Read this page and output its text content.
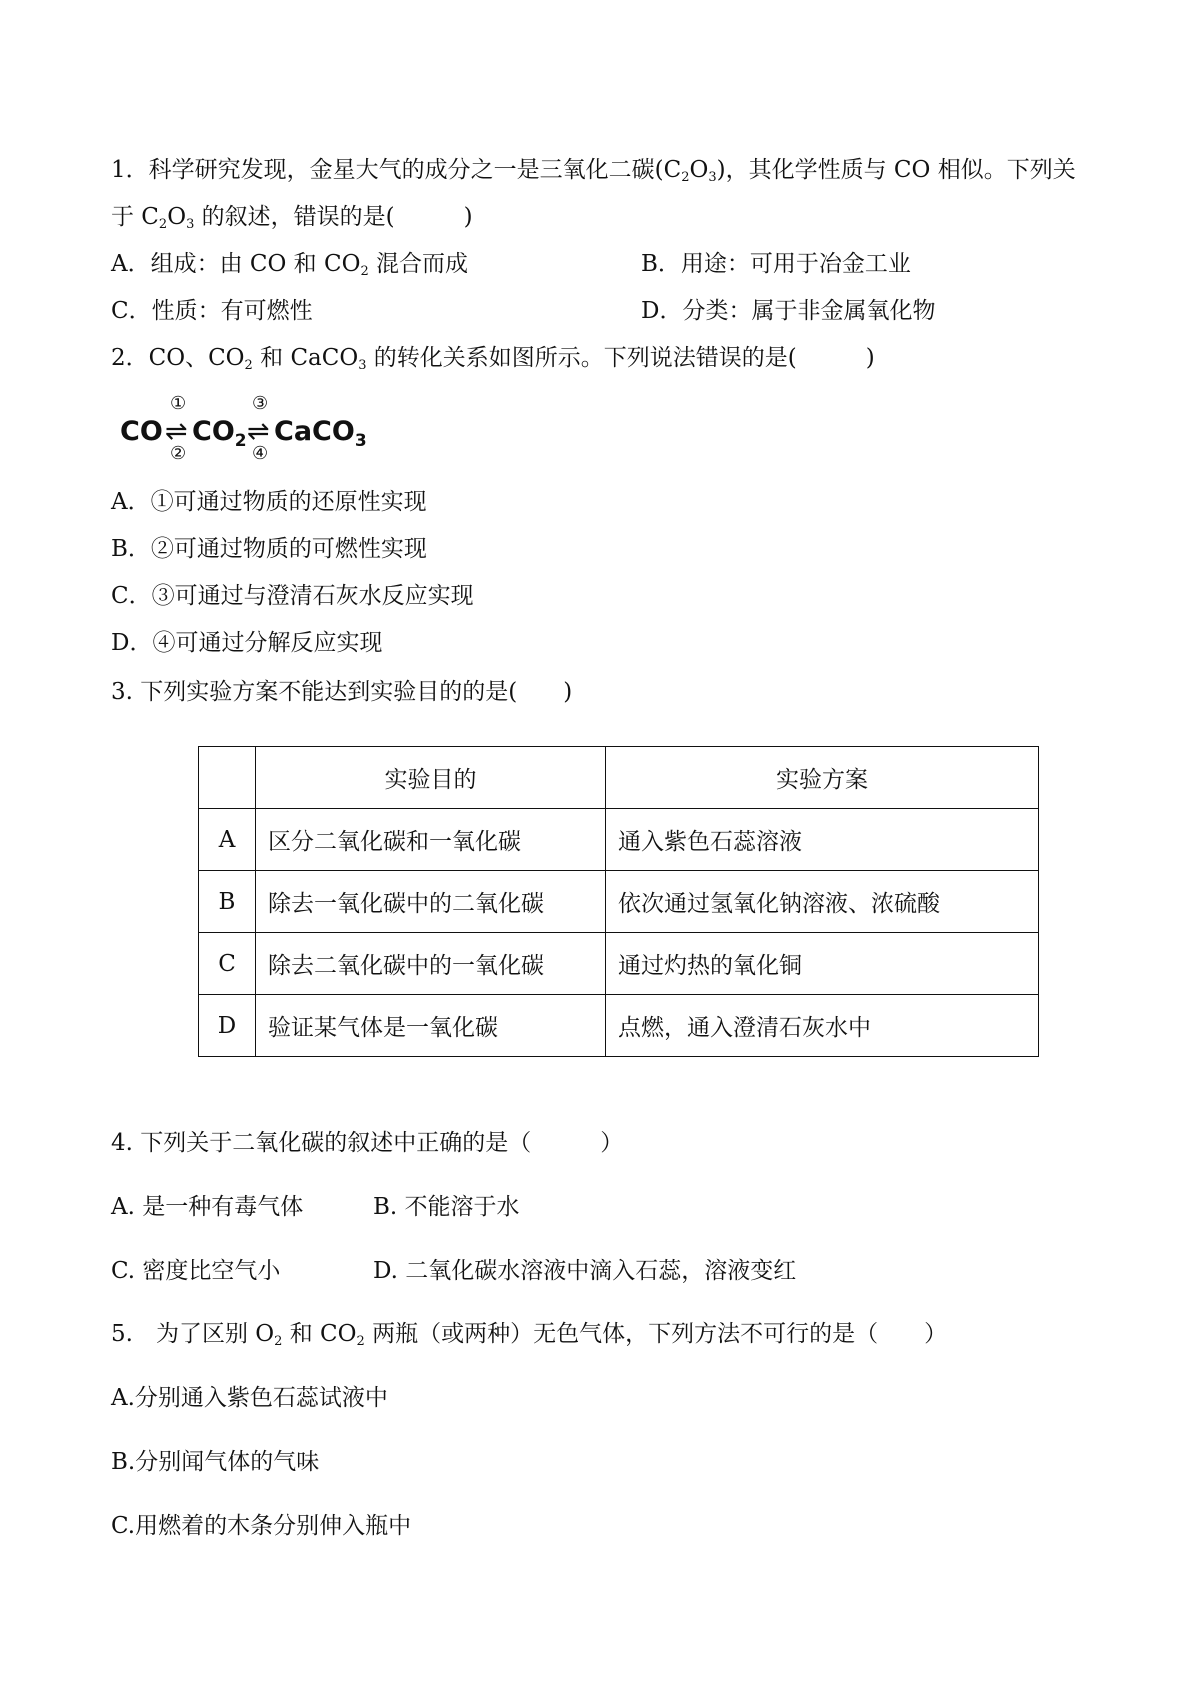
1．科学研究发现，金星大气的成分之一是三氧化二碳$(C_2O_3)$，其化学性质与 CO 相似。下列关
于 $C_2O_3$ 的叙述，错误的是(　　　)
A．组成：由 CO 和 $CO_2$ 混合而成	B．用途：可用于冶金工业
C．性质：有可燃性	D．分类：属于非金属氧化物
2．CO、$CO_2$ 和 CaCO$_3$ 的转化关系如图所示。下列说法错误的是(　　　)
CO
①
⇌
②
$CO_2$
③
⇌
④
CaCO$_3$
A．①可通过物质的还原性实现
B．②可通过物质的可燃性实现
C．③可通过与澄清石灰水反应实现
D．④可通过分解反应实现
3. 下列实验方案不能达到实验目的的是(　　)
	实验目的	实验方案
A	区分二氧化碳和一氧化碳	通入紫色石蕊溶液
B	除去一氧化碳中的二氧化碳	依次通过氢氧化钠溶液、浓硫酸
C	除去二氧化碳中的一氧化碳	通过灼热的氧化铜
D	验证某气体是一氧化碳	点燃，通入澄清石灰水中
4. 下列关于二氧化碳的叙述中正确的是（　　　）
A. 是一种有毒气体	B. 不能溶于水
C. 密度比空气小	D. 二氧化碳水溶液中滴入石蕊，溶液变红
5.　为了区别 $O_2$ 和 $CO_2$ 两瓶（或两种）无色气体，下列方法不可行的是（　　）
A.分别通入紫色石蕊试液中
B.分别闻气体的气味
C.用燃着的木条分别伸入瓶中
